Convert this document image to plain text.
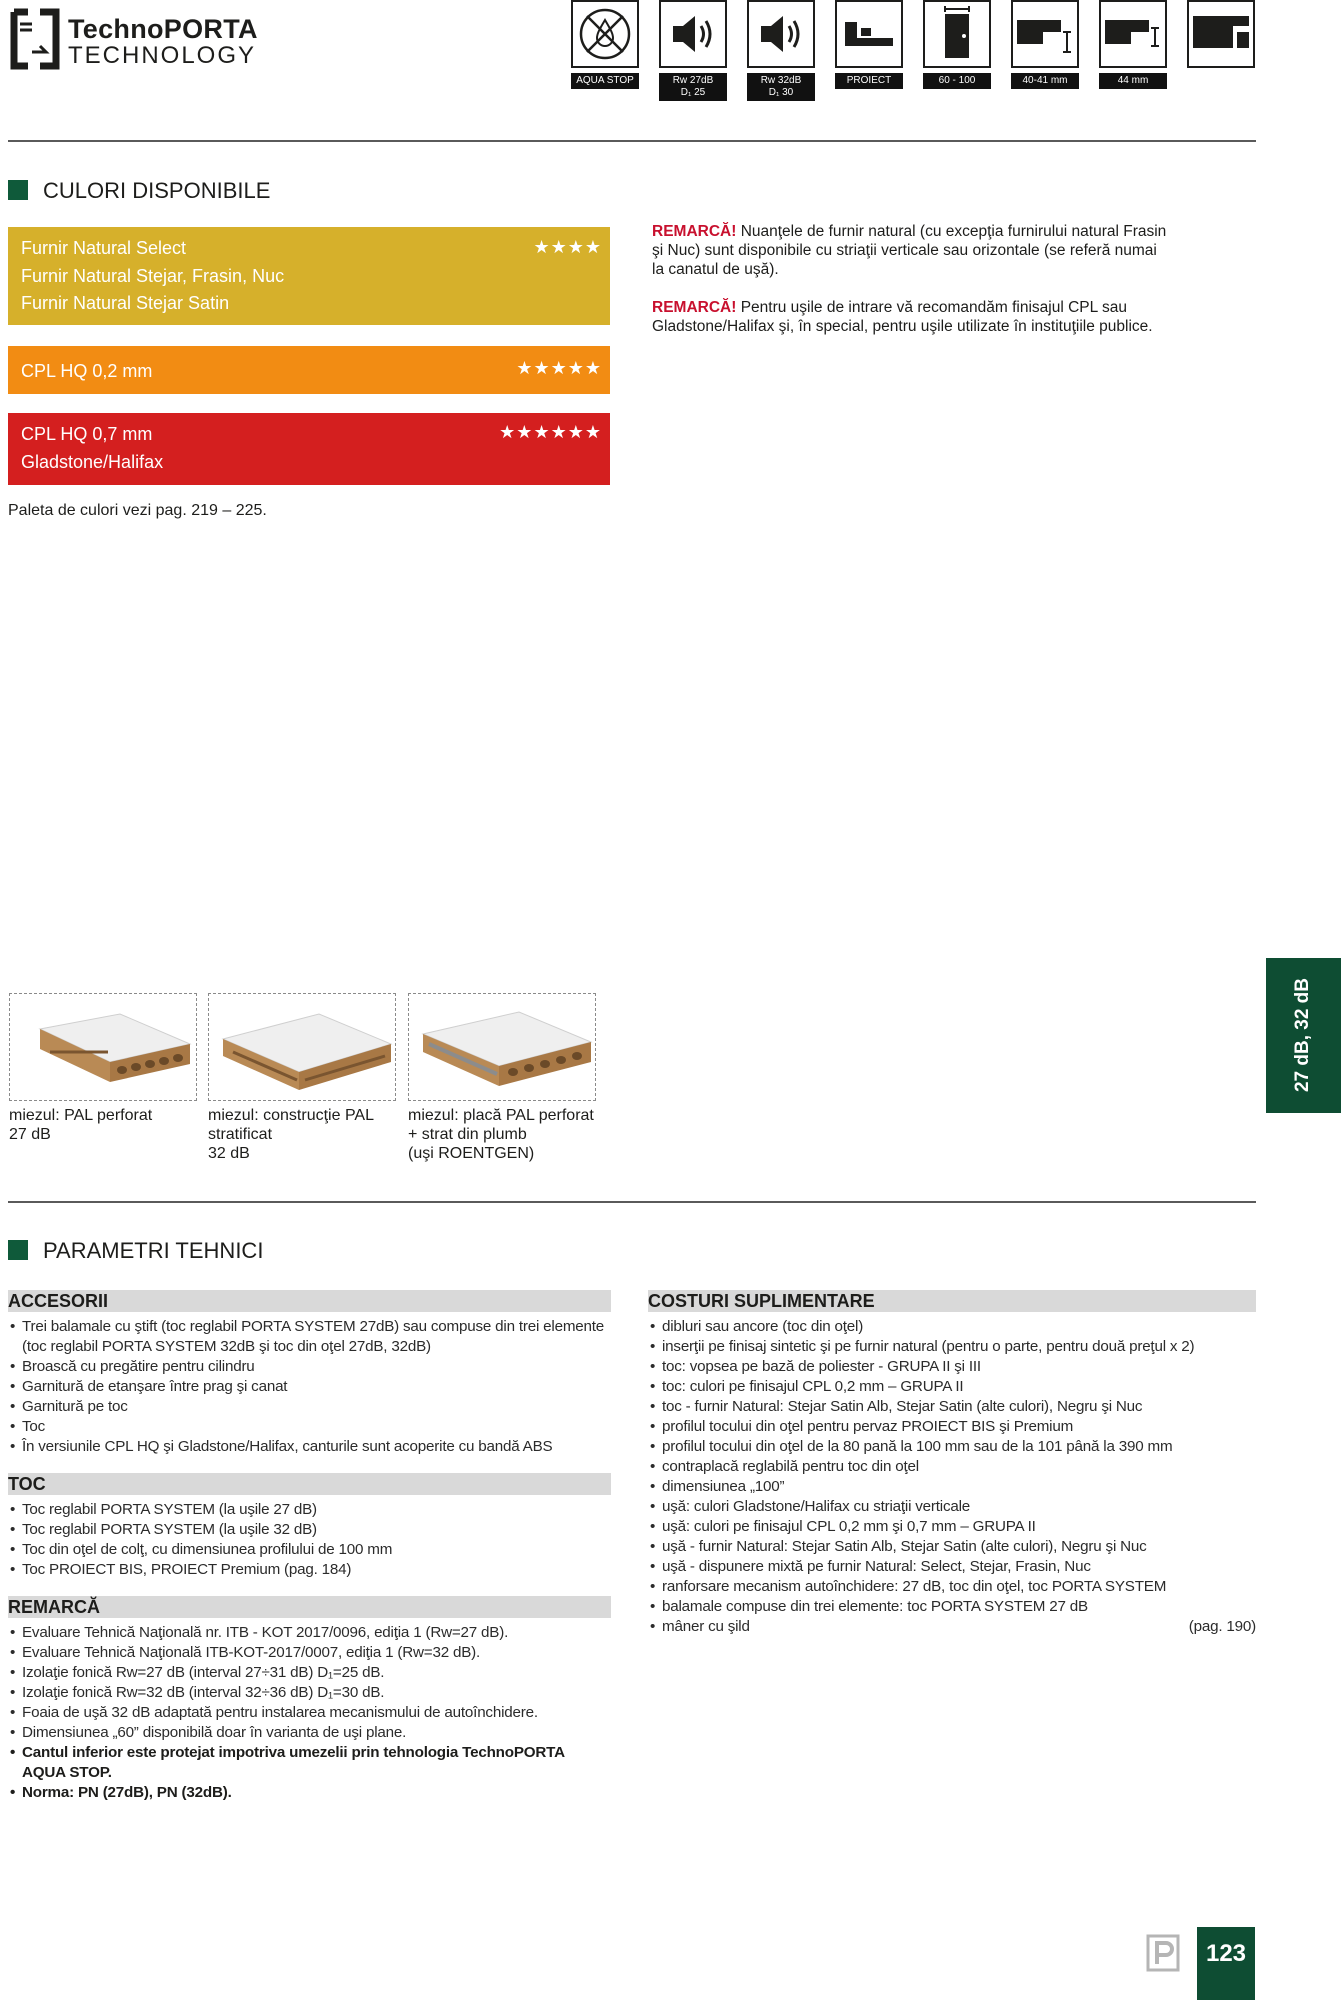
TechnoPORTA
TECHNOLOGY
AQUA STOP	Rw 27dB
D₁ 25
Rw 32dB
D₁ 30
PROIECT	60 - 100	40-41 mm	44 mm
CULORI DISPONIBILE
Furnir Natural Select
Furnir Natural Stejar, Frasin, Nuc
Furnir Natural Stejar Satin
★★★★
CPL HQ 0,2 mm	★★★★★
CPL HQ 0,7 mm
Gladstone/Halifax
★★★★★★
Paleta de culori vezi pag. 219 – 225.
REMARCĂ! Nuanţele de furnir natural (cu excepţia furnirului natural Frasin şi Nuc) sunt disponibile cu striaţii verticale sau orizontale (se referă numai la canatul de uşă).
REMARCĂ! Pentru uşile de intrare vă recomandăm finisajul CPL sau Gladstone/Halifax şi, în special, pentru uşile utilizate în instituţiile publice.
27 dB, 32 dB
miezul: PAL perforat
27 dB
miezul: construcţie PAL
stratificat
32 dB
miezul: placă PAL perforat
+ strat din plumb
(uşi ROENTGEN)
PARAMETRI TEHNICI
ACCESORII
• Trei balamale cu ştift (toc reglabil PORTA SYSTEM 27dB) sau compuse din trei elemente (toc reglabil PORTA SYSTEM 32dB şi toc din oţel 27dB, 32dB)
• Broască cu pregătire pentru cilindru
• Garnitură de etanşare între prag şi canat
• Garnitură pe toc
• Toc
• În versiunile CPL HQ şi Gladstone/Halifax, canturile sunt acoperite cu bandă ABS
TOC
• Toc reglabil PORTA SYSTEM (la uşile 27 dB)
• Toc reglabil PORTA SYSTEM (la uşile 32 dB)
• Toc din oţel de colţ, cu dimensiunea profilului de 100 mm
• Toc PROIECT BIS, PROIECT Premium (pag. 184)
REMARCĂ
• Evaluare Tehnică Naţională nr. ITB - KOT 2017/0096, ediţia 1 (Rw=27 dB).
• Evaluare Tehnică Naţională ITB-KOT-2017/0007, ediţia 1 (Rw=32 dB).
• Izolaţie fonică Rw=27 dB (interval 27÷31 dB) D₁=25 dB.
• Izolaţie fonică Rw=32 dB (interval 32÷36 dB) D₁=30 dB.
• Foaia de uşă 32 dB adaptată pentru instalarea mecanismului de autoînchidere.
• Dimensiunea „60” disponibilă doar în varianta de uşi plane.
• Cantul inferior este protejat impotriva umezelii prin tehnologia TechnoPORTA AQUA STOP.
• Norma: PN (27dB), PN (32dB).
COSTURI SUPLIMENTARE
• dibluri sau ancore (toc din oţel)
• inserţii pe finisaj sintetic şi pe furnir natural (pentru o parte, pentru două preţul x 2)
• toc: vopsea pe bază de poliester - GRUPA II şi III
• toc: culori pe finisajul CPL 0,2 mm – GRUPA II
• toc - furnir Natural: Stejar Satin Alb, Stejar Satin (alte culori), Negru şi Nuc
• profilul tocului din oţel pentru pervaz PROIECT BIS şi Premium
• profilul tocului din oţel de la 80 pană la 100 mm sau de la 101 până la 390 mm
• contraplacă reglabilă pentru toc din oţel
• dimensiunea „100”
• uşă: culori Gladstone/Halifax cu striaţii verticale
• uşă: culori pe finisajul CPL 0,2 mm şi 0,7 mm – GRUPA II
• uşă - furnir Natural: Stejar Satin Alb, Stejar Satin (alte culori), Negru şi Nuc
• uşă - dispunere mixtă pe furnir Natural: Select, Stejar, Frasin, Nuc
• ranforsare mecanism autoînchidere: 27 dB, toc din oţel, toc PORTA SYSTEM
• balamale compuse din trei elemente: toc PORTA SYSTEM 27 dB
• mâner cu şild	(pag. 190)
123
